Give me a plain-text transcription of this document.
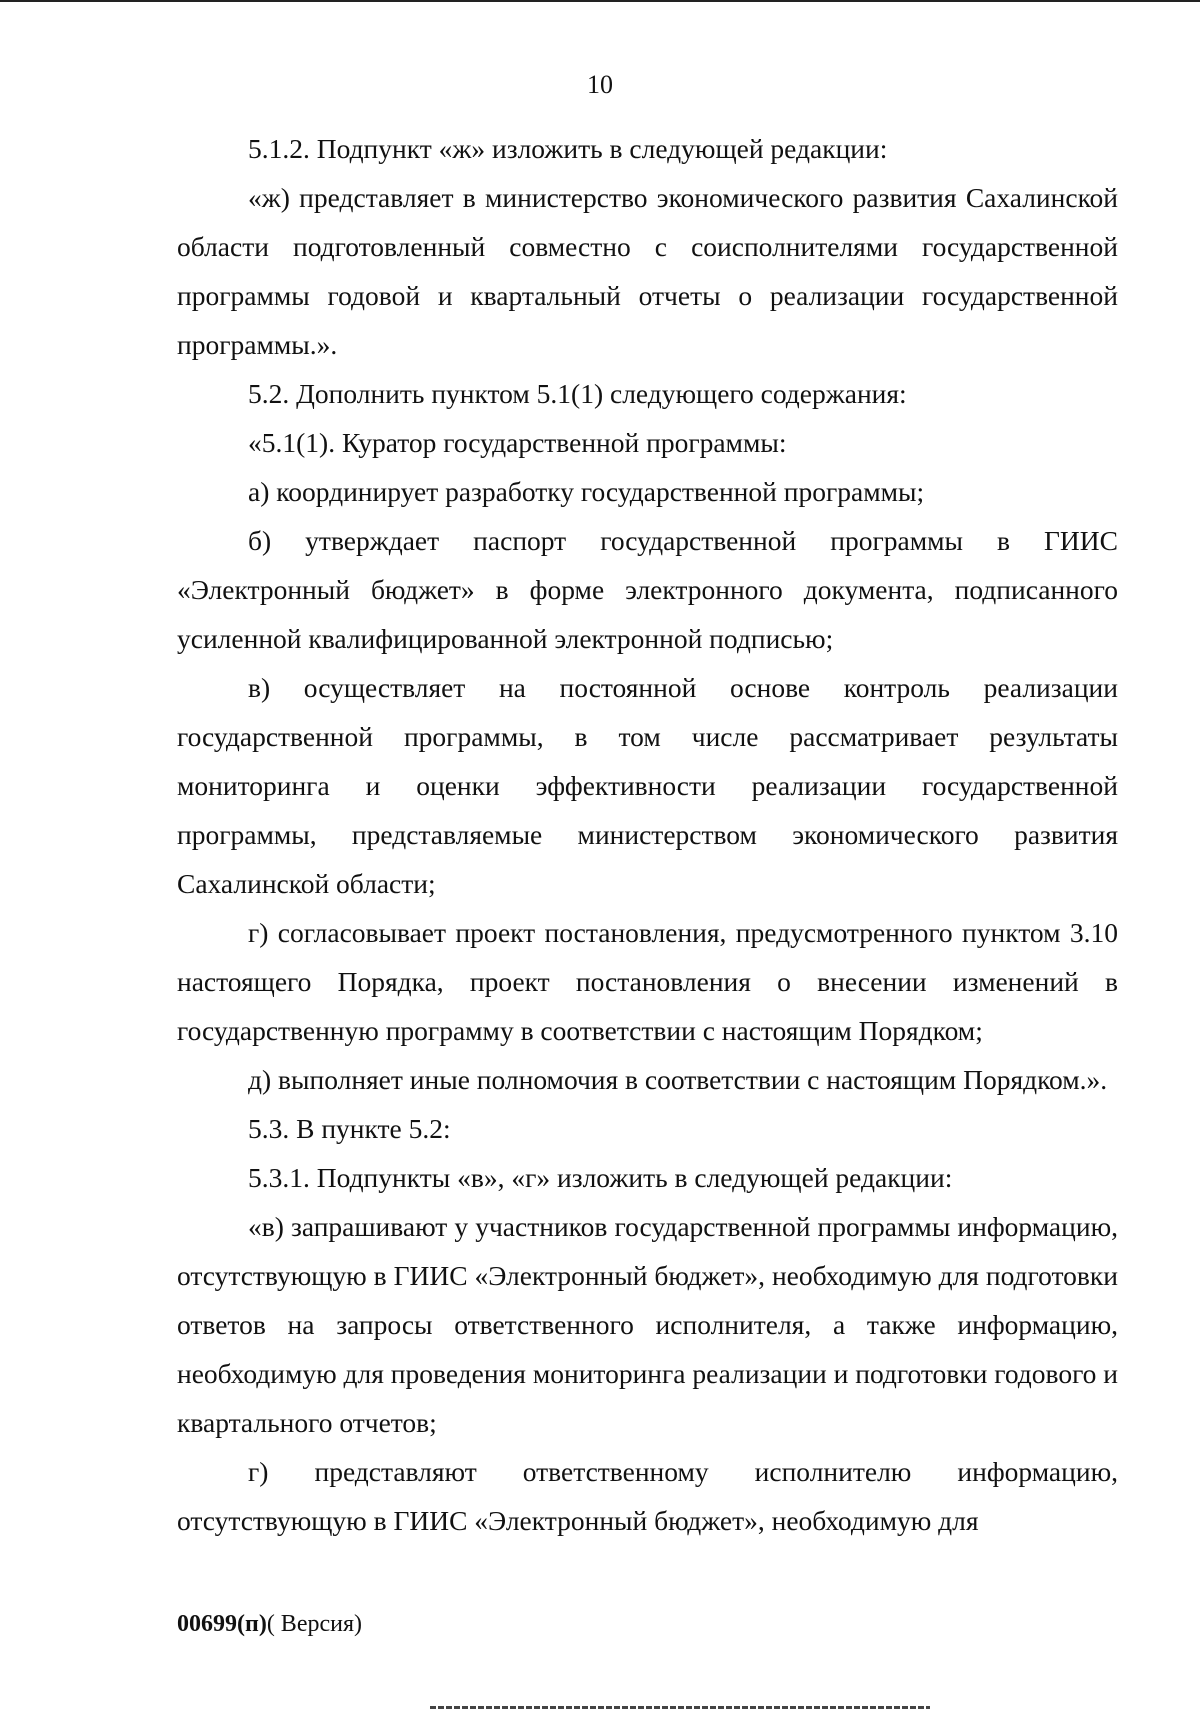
10

5.1.2. Подпункт «ж» изложить в следующей редакции:

«ж) представляет в министерство экономического развития Сахалинской области подготовленный совместно с соисполнителями государственной программы годовой и квартальный отчеты о реализации государственной программы.».

5.2. Дополнить пунктом 5.1(1) следующего содержания:

«5.1(1). Куратор государственной программы:

а) координирует разработку государственной программы;

б) утверждает паспорт государственной программы в ГИИС «Электронный бюджет» в форме электронного документа, подписанного усиленной квалифицированной электронной подписью;

в) осуществляет на постоянной основе контроль реализации государственной программы, в том числе рассматривает результаты мониторинга и оценки эффективности реализации государственной программы, представляемые министерством экономического развития Сахалинской области;

г) согласовывает проект постановления, предусмотренного пунктом 3.10 настоящего Порядка, проект постановления о внесении изменений в государственную программу в соответствии с настоящим Порядком;

д) выполняет иные полномочия в соответствии с настоящим Порядком.».

5.3. В пункте 5.2:

5.3.1. Подпункты «в», «г» изложить в следующей редакции:

«в) запрашивают у участников государственной программы информацию, отсутствующую в ГИИС «Электронный бюджет», необходимую для подготовки ответов на запросы ответственного исполнителя, а также информацию, необходимую для проведения мониторинга реализации и подготовки годового и квартального отчетов;

г) представляют ответственному исполнителю информацию, отсутствующую в ГИИС «Электронный бюджет», необходимую для

00699(п)( Версия)
